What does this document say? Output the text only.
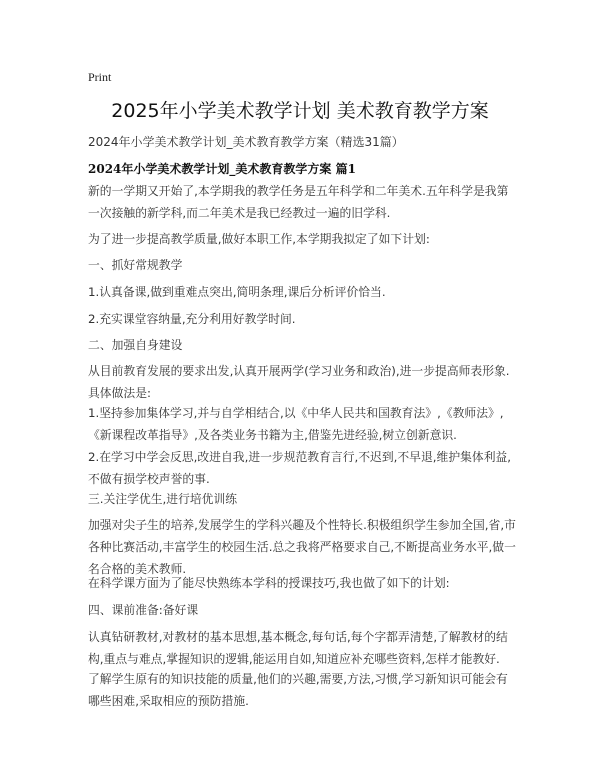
Print
2025年小学美术教学计划 美术教育教学方案

2024年小学美术教学计划_美术教育教学方案（精选31篇）

2024年小学美术教学计划_美术教育教学方案 篇1

新的一学期又开始了,本学期我的教学任务是五年科学和二年美术.五年科学是我第一次接触的新学科,而二年美术是我已经教过一遍的旧学科.

为了进一步提高教学质量,做好本职工作,本学期我拟定了如下计划:

一、抓好常规教学

1.认真备课,做到重难点突出,简明条理,课后分析评价恰当.

2.充实课堂容纳量,充分利用好教学时间.

二、加强自身建设

从目前教育发展的要求出发,认真开展两学(学习业务和政治),进一步提高师表形象.具体做法是:

1.坚持参加集体学习,并与自学相结合,以《中华人民共和国教育法》,《教师法》,《新课程改革指导》,及各类业务书籍为主,借鉴先进经验,树立创新意识.

2.在学习中学会反思,改进自我,进一步规范教育言行,不迟到,不早退,维护集体利益,不做有损学校声誉的事.

三.关注学优生,进行培优训练

加强对尖子生的培养,发展学生的学科兴趣及个性特长.积极组织学生参加全国,省,市各种比赛活动,丰富学生的校园生活.总之我将严格要求自己,不断提高业务水平,做一名合格的美术教师.

在科学课方面为了能尽快熟练本学科的授课技巧,我也做了如下的计划:

四、课前准备:备好课

认真钻研教材,对教材的基本思想,基本概念,每句话,每个字都弄清楚,了解教材的结构,重点与难点,掌握知识的逻辑,能运用自如,知道应补充哪些资料,怎样才能教好.

了解学生原有的知识技能的质量,他们的兴趣,需要,方法,习惯,学习新知识可能会有哪些困难,采取相应的预防措施.
